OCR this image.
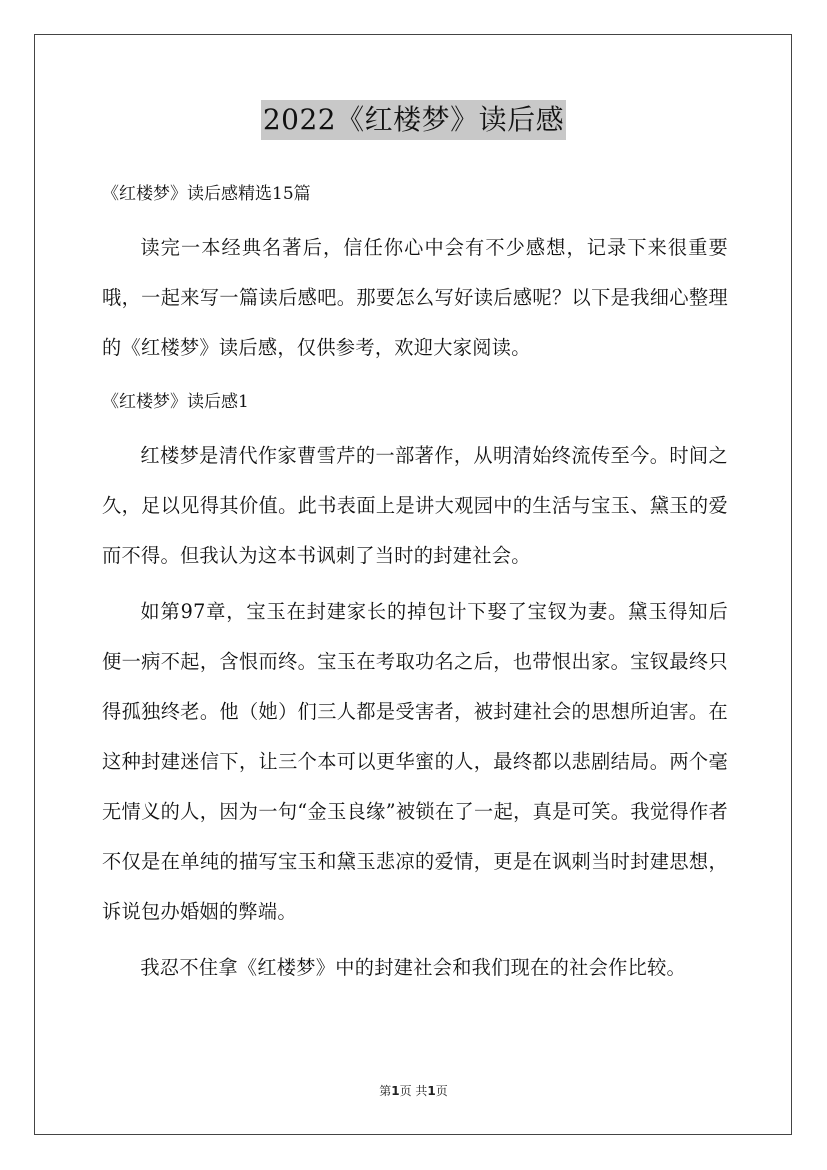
2022《红楼梦》读后感

《红楼梦》读后感精选15篇

读完一本经典名著后，信任你心中会有不少感想，记录下来很重要哦，一起来写一篇读后感吧。那要怎么写好读后感呢？以下是我细心整理的《红楼梦》读后感，仅供参考，欢迎大家阅读。

《红楼梦》读后感1

红楼梦是清代作家曹雪芹的一部著作，从明清始终流传至今。时间之久，足以见得其价值。此书表面上是讲大观园中的生活与宝玉、黛玉的爱而不得。但我认为这本书讽刺了当时的封建社会。

如第97章，宝玉在封建家长的掉包计下娶了宝钗为妻。黛玉得知后便一病不起，含恨而终。宝玉在考取功名之后，也带恨出家。宝钗最终只得孤独终老。他（她）们三人都是受害者，被封建社会的思想所迫害。在这种封建迷信下，让三个本可以更华蜜的人，最终都以悲剧结局。两个毫无情义的人，因为一句“金玉良缘”被锁在了一起，真是可笑。我觉得作者不仅是在单纯的描写宝玉和黛玉悲凉的爱情，更是在讽刺当时封建思想，诉说包办婚姻的弊端。

我忍不住拿《红楼梦》中的封建社会和我们现在的社会作比较。

第1页 共1页
